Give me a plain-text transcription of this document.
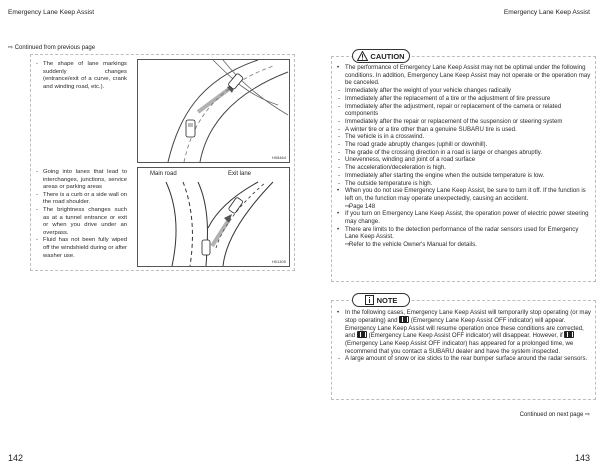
Emergency Lane Keep Assist	Emergency Lane Keep Assist
⇨ Continued from previous page
- The shape of lane markings suddenly changes (entrance/exit of a curve, crank and winding road, etc.).
H08464
- Going into lanes that lead to interchanges, junctions, service areas or parking areas
- There is a curb or a side wall on the road shoulder.
- The brightness changes such as at a tunnel entrance or exit or when you drive under an overpass.
- Fluid has not been fully wiped off the windshield during or after washer use.
Main road	Exit lane
H01409
CAUTION
• The performance of Emergency Lane Keep Assist may not be optimal under the following conditions. In addition, Emergency Lane Keep Assist may not operate or the operation may be canceled.
- Immediately after the weight of your vehicle changes radically
- Immediately after the replacement of a tire or the adjustment of tire pressure
- Immediately after the adjustment, repair or replacement of the camera or related components
- Immediately after the repair or replacement of the suspension or steering system
- A winter tire or a tire other than a genuine SUBARU tire is used.
- The vehicle is in a crosswind.
- The road grade abruptly changes (uphill or downhill).
- The grade of the crossing direction in a road is large or changes abruptly.
- Unevenness, winding and joint of a road surface
- The acceleration/deceleration is high.
- Immediately after starting the engine when the outside temperature is low.
- The outside temperature is high.
• When you do not use Emergency Lane Keep Assist, be sure to turn it off. If the function is left on, the function may operate unexpectedly, causing an accident.
⇨
Page 148
• If you turn on Emergency Lane Keep Assist, the operation power of electric power steering may change.
• There are limits to the detection performance of the radar sensors used for Emergency Lane Keep Assist.
⇨
Refer to the vehicle Owner's Manual for details.
NOTE
• In the following cases, Emergency Lane Keep Assist will temporarily stop operating (or may stop operating) and (Emergency Lane Keep Assist OFF indicator) will appear. Emergency Lane Keep Assist will resume operation once these conditions are corrected, and (Emergency Lane Keep Assist OFF indicator) will disappear. However, if  (Emergency Lane Keep Assist OFF indicator) has appeared for a prolonged time, we recommend that you contact a SUBARU dealer and have the system inspected.
- A large amount of snow or ice sticks to the rear bumper surface around the radar sensors.
Continued on next page ⇨
142	143
